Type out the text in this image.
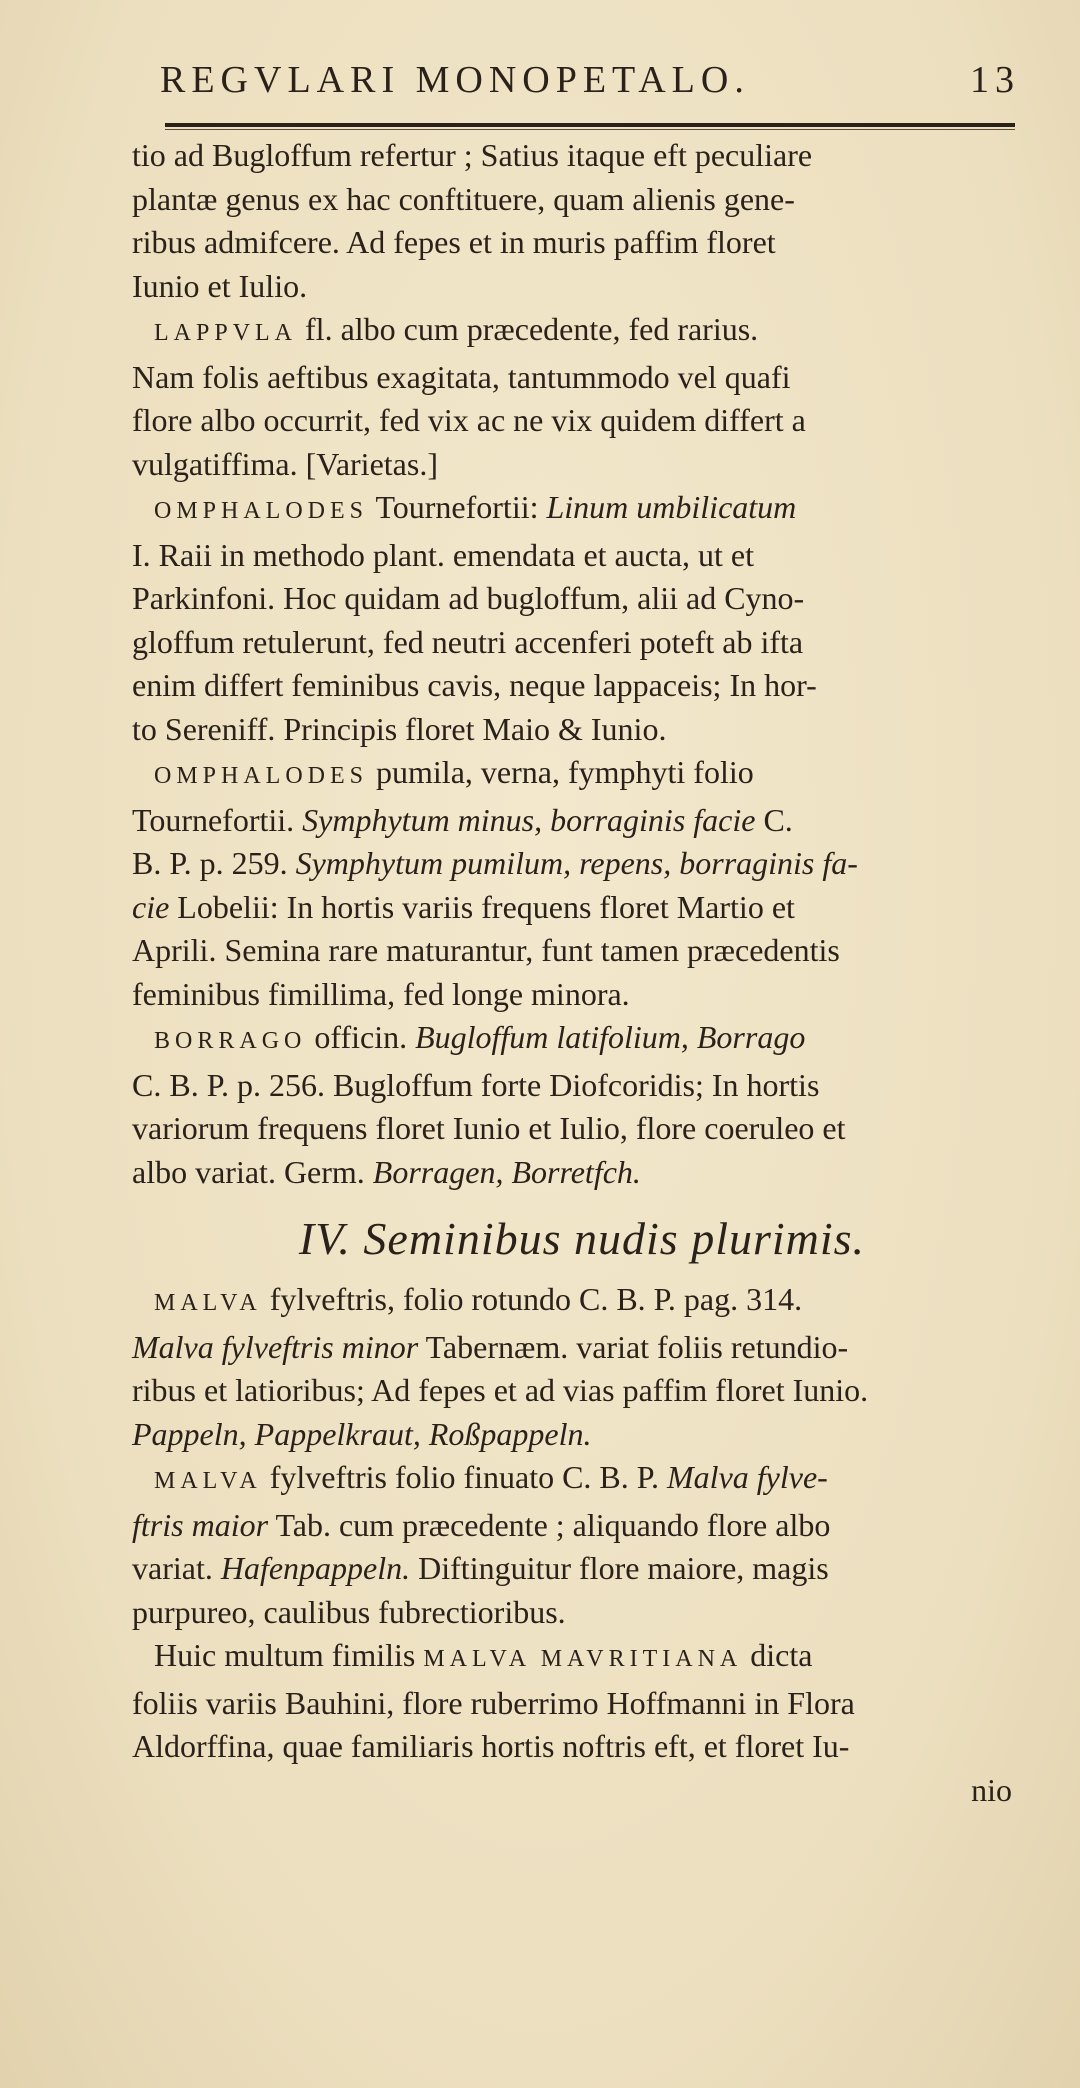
REGVLARI MONOPETALO.	13
tio ad Bugloffum refertur ; Satius itaque eft peculiare
plantæ genus ex hac conftituere, quam alienis gene-
ribus admifcere. Ad fepes et in muris paffim floret
Iunio et Iulio.
LAPPVLA fl. albo cum præcedente, fed rarius.
Nam folis aeftibus exagitata, tantummodo vel quafi
flore albo occurrit, fed vix ac ne vix quidem differt a
vulgatiffima. [Varietas.]
OMPHALODES Tournefortii: Linum umbilicatum
I. Raii in methodo plant. emendata et aucta, ut et
Parkinfoni. Hoc quidam ad bugloffum, alii ad Cyno-
gloffum retulerunt, fed neutri accenferi poteft ab ifta
enim differt feminibus cavis, neque lappaceis; In hor-
to Sereniff. Principis floret Maio & Iunio.
OMPHALODES pumila, verna, fymphyti folio
Tournefortii. Symphytum minus, borraginis facie C.
B. P. p. 259. Symphytum pumilum, repens, borraginis fa-
cie Lobelii: In hortis variis frequens floret Martio et
Aprili. Semina rare maturantur, funt tamen præcedentis
feminibus fimillima, fed longe minora.
BORRAGO officin. Bugloffum latifolium, Borrago
C. B. P. p. 256. Bugloffum forte Diofcoridis; In hortis
variorum frequens floret Iunio et Iulio, flore coeruleo et
albo variat. Germ. Borragen, Borretfch.
IV. Seminibus nudis plurimis.
MALVA fylveftris, folio rotundo C. B. P. pag. 314.
Malva fylveftris minor Tabernæm. variat foliis retundio-
ribus et latioribus; Ad fepes et ad vias paffim floret Iunio.
Pappeln, Pappelkraut, Roßpappeln.
MALVA fylveftris folio finuato C. B. P. Malva fylve-
ftris maior Tab. cum præcedente ; aliquando flore albo
variat. Hafenpappeln. Diftinguitur flore maiore, magis
purpureo, caulibus fubrectioribus.
Huic multum fimilis MALVA MAVRITIANA dicta
foliis variis Bauhini, flore ruberrimo Hoffmanni in Flora
Aldorffina, quae familiaris hortis noftris eft, et floret Iu-
nio
